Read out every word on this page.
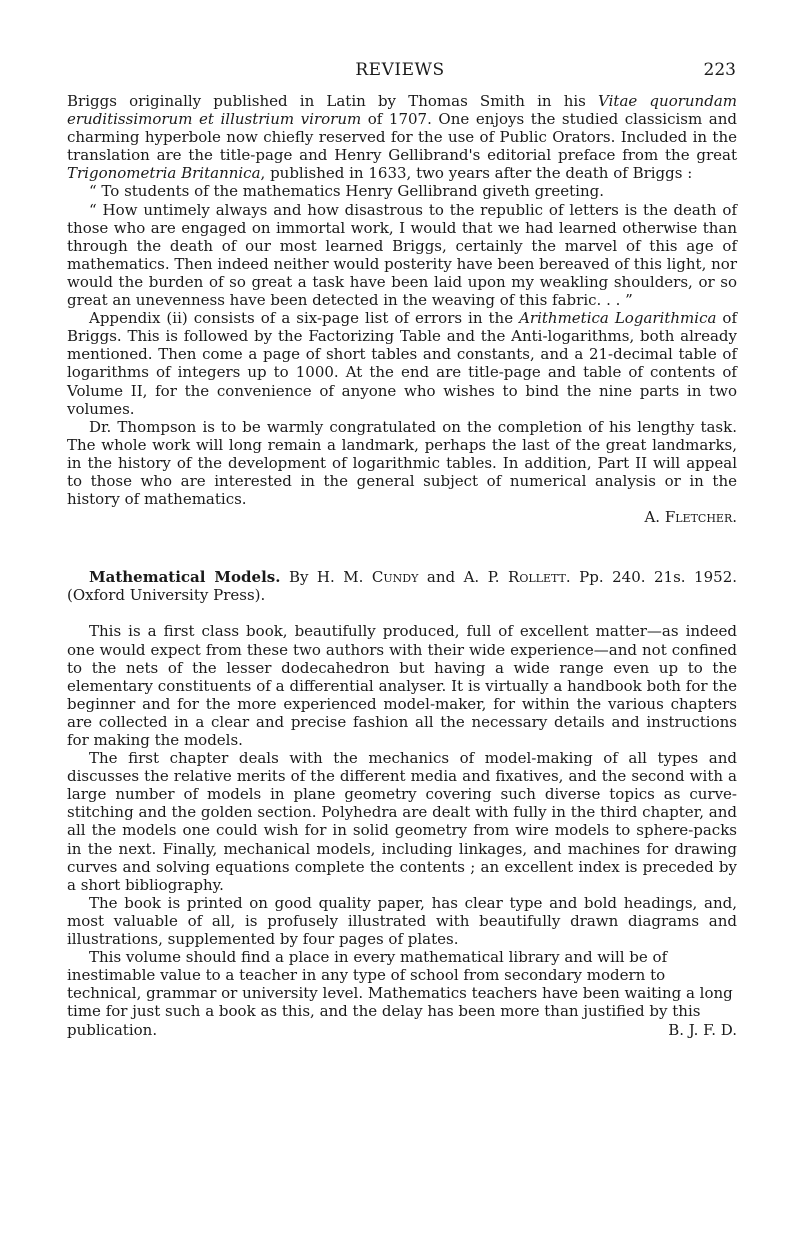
REVIEWS	223

Briggs originally published in Latin by Thomas Smith in his Vitae quorundam eruditissimorum et illustrium virorum of 1707. One enjoys the studied classicism and charming hyperbole now chiefly reserved for the use of Public Orators. Included in the translation are the title-page and Henry Gellibrand's editorial preface from the great Trigonometria Britannica, published in 1633, two years after the death of Briggs :

“ To students of the mathematics Henry Gellibrand giveth greeting.

“ How untimely always and how disastrous to the republic of letters is the death of those who are engaged on immortal work, I would that we had learned otherwise than through the death of our most learned Briggs, certainly the marvel of this age of mathematics. Then indeed neither would posterity have been bereaved of this light, nor would the burden of so great a task have been laid upon my weakling shoulders, or so great an unevenness have been detected in the weaving of this fabric. . . ”

Appendix (ii) consists of a six-page list of errors in the Arithmetica Logarithmica of Briggs. This is followed by the Factorizing Table and the Anti-logarithms, both already mentioned. Then come a page of short tables and constants, and a 21-decimal table of logarithms of integers up to 1000. At the end are title-page and table of contents of Volume II, for the convenience of anyone who wishes to bind the nine parts in two volumes.

Dr. Thompson is to be warmly congratulated on the completion of his lengthy task. The whole work will long remain a landmark, perhaps the last of the great landmarks, in the history of the development of logarithmic tables. In addition, Part II will appeal to those who are interested in the general subject of numerical analysis or in the history of mathematics.

A. Fletcher.

Mathematical Models. By H. M. Cundy and A. P. Rollett. Pp. 240. 21s. 1952. (Oxford University Press).

This is a first class book, beautifully produced, full of excellent matter—as indeed one would expect from these two authors with their wide experience—and not confined to the nets of the lesser dodecahedron but having a wide range even up to the elementary constituents of a differential analyser. It is virtually a handbook both for the beginner and for the more experienced model-maker, for within the various chapters are collected in a clear and precise fashion all the necessary details and instructions for making the models.

The first chapter deals with the mechanics of model-making of all types and discusses the relative merits of the different media and fixatives, and the second with a large number of models in plane geometry covering such diverse topics as curve-stitching and the golden section. Polyhedra are dealt with fully in the third chapter, and all the models one could wish for in solid geometry from wire models to sphere-packs in the next. Finally, mechanical models, including linkages, and machines for drawing curves and solving equations complete the contents ; an excellent index is preceded by a short bibliography.

The book is printed on good quality paper, has clear type and bold headings, and, most valuable of all, is profusely illustrated with beautifully drawn diagrams and illustrations, supplemented by four pages of plates.

This volume should find a place in every mathematical library and will be of inestimable value to a teacher in any type of school from secondary modern to technical, grammar or university level. Mathematics teachers have been waiting a long time for just such a book as this, and the delay has been more than justified by this publication.	B. J. F. D.
